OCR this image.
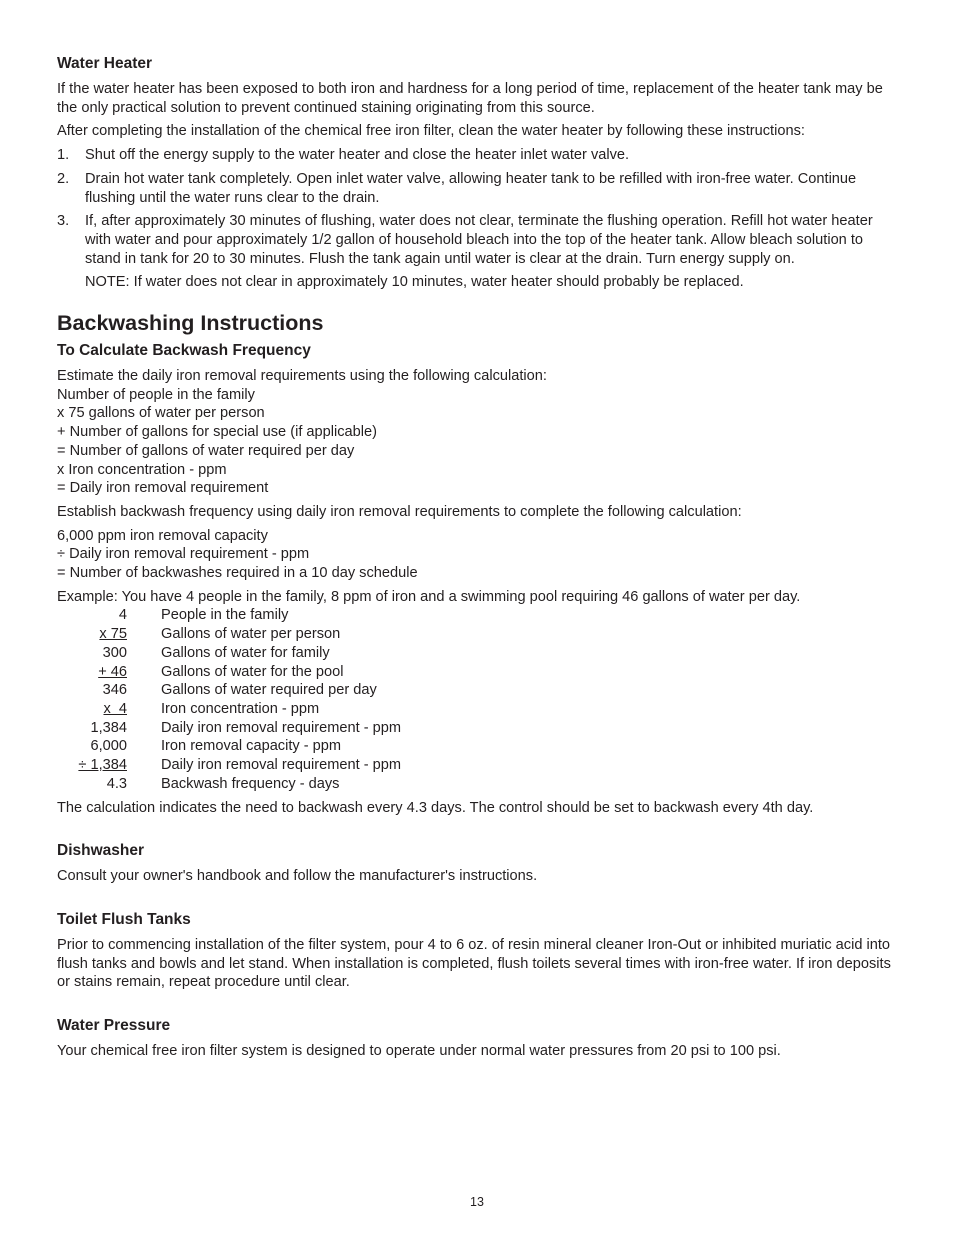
Water Heater

If the water heater has been exposed to both iron and hardness for a long period of time, replacement of the heater tank may be the only practical solution to prevent continued staining originating from this source.

After completing the installation of the chemical free iron filter, clean the water heater by following these instructions:

1. Shut off the energy supply to the water heater and close the heater inlet water valve.
2. Drain hot water tank completely. Open inlet water valve, allowing heater tank to be refilled with iron-free water. Continue flushing until the water runs clear to the drain.
3. If, after approximately 30 minutes of flushing, water does not clear, terminate the flushing operation. Refill hot water heater with water and pour approximately 1/2 gallon of household bleach into the top of the heater tank. Allow bleach solution to stand in tank for 20 to 30 minutes. Flush the tank again until water is clear at the drain. Turn energy supply on.

NOTE: If water does not clear in approximately 10 minutes, water heater should probably be replaced.

Backwashing Instructions
To Calculate Backwash Frequency
Estimate the daily iron removal requirements using the following calculation:
Number of people in the family
x 75 gallons of water per person
+ Number of gallons for special use (if applicable)
= Number of gallons of water required per day
x Iron concentration - ppm
= Daily iron removal requirement

Establish backwash frequency using daily iron removal requirements to complete the following calculation:

6,000 ppm iron removal capacity
÷ Daily iron removal requirement - ppm
= Number of backwashes required in a 10 day schedule
Example: You have 4 people in the family, 8 ppm of iron and a swimming pool requiring 46 gallons of water per day.
4	People in the family
x 75	Gallons of water per person
300	Gallons of water for family
+ 46	Gallons of water for the pool
346	Gallons of water required per day
x  4	Iron concentration - ppm
1,384	Daily iron removal requirement - ppm
6,000	Iron removal capacity - ppm
÷ 1,384	Daily iron removal requirement - ppm
4.3	Backwash frequency - days

The calculation indicates the need to backwash every 4.3 days. The control should be set to backwash every 4th day.

Dishwasher

Consult your owner's handbook and follow the manufacturer's instructions.

Toilet Flush Tanks

Prior to commencing installation of the filter system, pour 4 to 6 oz. of resin mineral cleaner Iron-Out or inhibited muriatic acid into flush tanks and bowls and let stand. When installation is completed, flush toilets several times with iron-free water. If iron deposits or stains remain, repeat procedure until clear.

Water Pressure

Your chemical free iron filter system is designed to operate under normal water pressures from 20 psi to 100 psi.

13
